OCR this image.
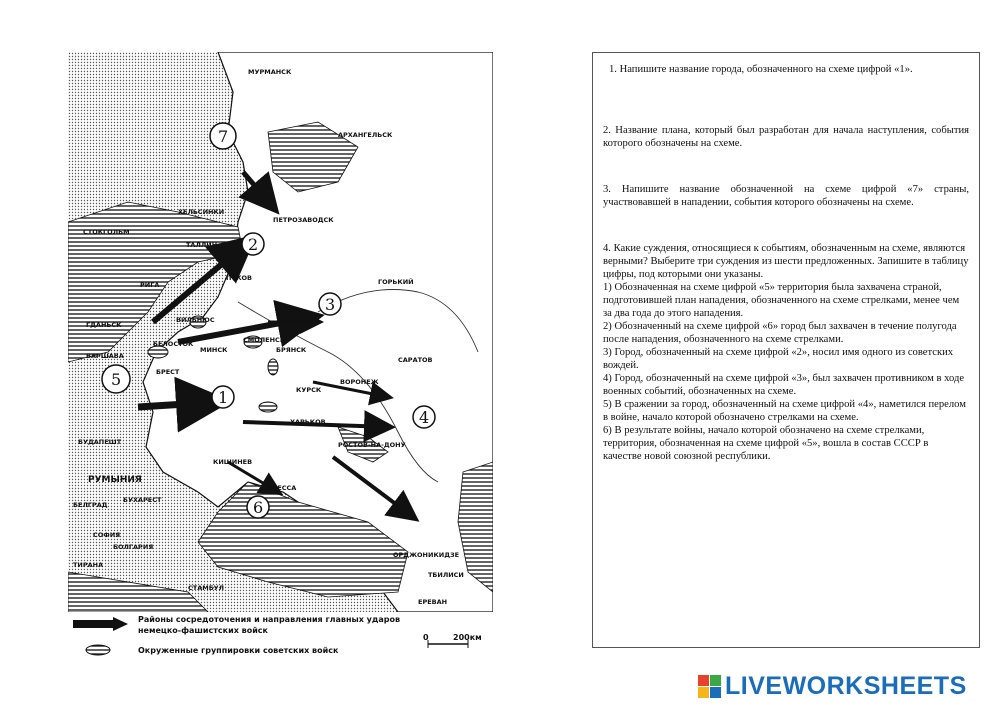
1
2
3
4
5
6
7
МУРМАНСК
АРХАНГЕЛЬСК
ПЕТРОЗАВОДСК
ХЕЛЬСИНКИ
ТАЛЛИН
ПСКОВ
РИГА
ВИЛЬНЮС
МИНСК
ВЯЗЬМА
СМОЛЕНСК
БРЯНСК
ГОРЬКИЙ
САРАТОВ
ВОРОНЕЖ
КУРСК
ХАРЬКОВ
РОСТОВ-НА-ДОНУ
КИШИНЕВ
ОДЕССА
БУХАРЕСТ
РУМЫНИЯ
БОЛГАРИЯ
СОФИЯ
БУДАПЕШТ
ВАРШАВА
БРЕСТ
БЕЛОСТОК
ГДАНЬСК
СТОКГОЛЬМ
ОРДЖОНИКИДЗЕ
ТБИЛИСИ
ЕРЕВАН
ТИРАНА
БЕЛГРАД
СТАМБУЛ
Районы сосредоточения и направления главных ударов
немецко-фашистских войск
Окруженные группировки советских войск
0	200км

1. Напишите название города, обозначенного на схеме цифрой «1».

2. Название плана, который был разработан для начала наступления, события которого обозначены на схеме.

3. Напишите название обозначенной на схеме цифрой «7» страны, участвовавшей в нападении, события которого обозначены на схеме.

4. Какие суждения, относящиеся к событиям, обозначенным на схеме, являются верными? Выберите три суждения из шести предложенных. Запишите в таблицу цифры, под которыми они указаны.
1) Обозначенная на схеме цифрой «5» территория была захвачена страной, подготовившей план нападения, обозначенного на схеме стрелками, менее чем за два года до этого нападения.
2) Обозначенный на схеме цифрой «6» город был захвачен в течение полугода после нападения, обозначенного на схеме стрелками.
3) Город, обозначенный на схеме цифрой «2», носил имя одного из советских вождей.
4) Город, обозначенный на схеме цифрой «3», был захвачен противником в ходе военных событий, обозначенных на схеме.
5) В сражении за город, обозначенный на схеме цифрой «4», наметился перелом в войне, начало которой обозначено стрелками на схеме.
6) В результате войны, начало которой обозначено на схеме стрелками, территория, обозначенная на схеме цифрой «5», вошла в состав СССР в качестве новой союзной республики.
LIVEWORKSHEETS
